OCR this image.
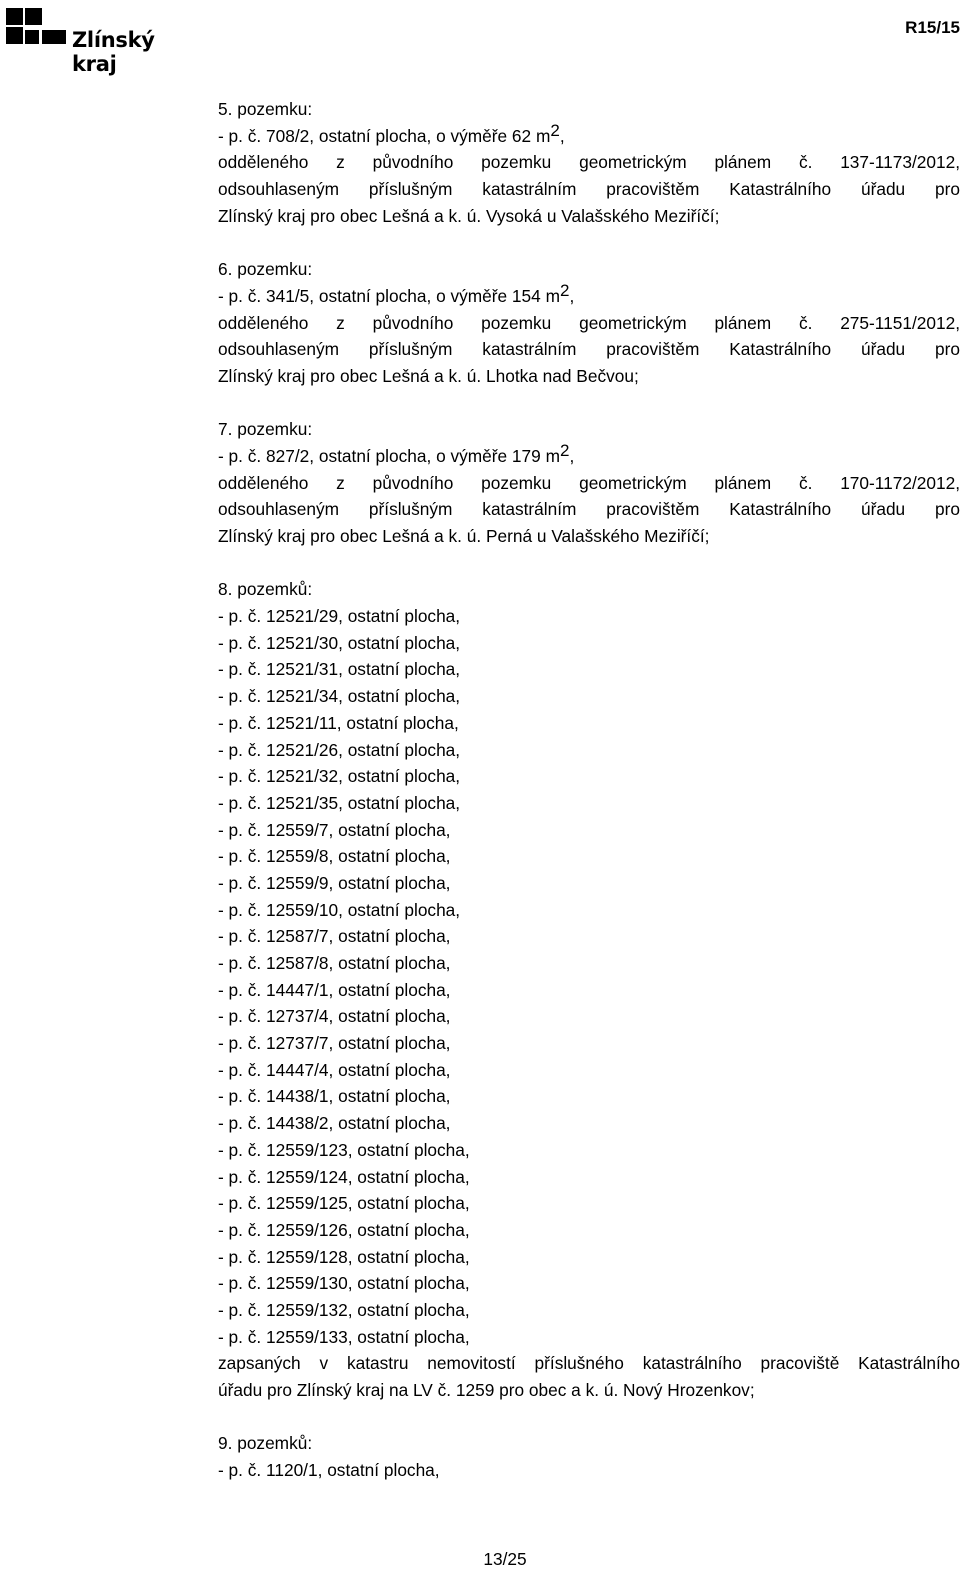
Zlínský kraj
R15/15
5. pozemku:
- p. č. 708/2, ostatní plocha, o výměře 62 $m^2$,
odděleného z původního pozemku geometrickým plánem č. 137-1173/2012,
odsouhlaseným příslušným katastrálním pracovištěm Katastrálního úřadu pro
Zlínský kraj pro obec Lešná a k. ú. Vysoká u Valašského Meziříčí;
6. pozemku:
- p. č. 341/5, ostatní plocha, o výměře 154 $m^2$,
odděleného z původního pozemku geometrickým plánem č. 275-1151/2012,
odsouhlaseným příslušným katastrálním pracovištěm Katastrálního úřadu pro
Zlínský kraj pro obec Lešná a k. ú. Lhotka nad Bečvou;
7. pozemku:
- p. č. 827/2, ostatní plocha, o výměře 179 $m^2$,
odděleného z původního pozemku geometrickým plánem č. 170-1172/2012,
odsouhlaseným příslušným katastrálním pracovištěm Katastrálního úřadu pro
Zlínský kraj pro obec Lešná a k. ú. Perná u Valašského Meziříčí;
8. pozemků:
- p. č. 12521/29, ostatní plocha,
- p. č. 12521/30, ostatní plocha,
- p. č. 12521/31, ostatní plocha,
- p. č. 12521/34, ostatní plocha,
- p. č. 12521/11, ostatní plocha,
- p. č. 12521/26, ostatní plocha,
- p. č. 12521/32, ostatní plocha,
- p. č. 12521/35, ostatní plocha,
- p. č. 12559/7, ostatní plocha,
- p. č. 12559/8, ostatní plocha,
- p. č. 12559/9, ostatní plocha,
- p. č. 12559/10, ostatní plocha,
- p. č. 12587/7, ostatní plocha,
- p. č. 12587/8, ostatní plocha,
- p. č. 14447/1, ostatní plocha,
- p. č. 12737/4, ostatní plocha,
- p. č. 12737/7, ostatní plocha,
- p. č. 14447/4, ostatní plocha,
- p. č. 14438/1, ostatní plocha,
- p. č. 14438/2, ostatní plocha,
- p. č. 12559/123, ostatní plocha,
- p. č. 12559/124, ostatní plocha,
- p. č. 12559/125, ostatní plocha,
- p. č. 12559/126, ostatní plocha,
- p. č. 12559/128, ostatní plocha,
- p. č. 12559/130, ostatní plocha,
- p. č. 12559/132, ostatní plocha,
- p. č. 12559/133, ostatní plocha,
zapsaných v katastru nemovitostí příslušného katastrálního pracoviště Katastrálního
úřadu pro Zlínský kraj na LV č. 1259 pro obec a k. ú. Nový Hrozenkov;
9. pozemků:
- p. č. 1120/1, ostatní plocha,
13/25
